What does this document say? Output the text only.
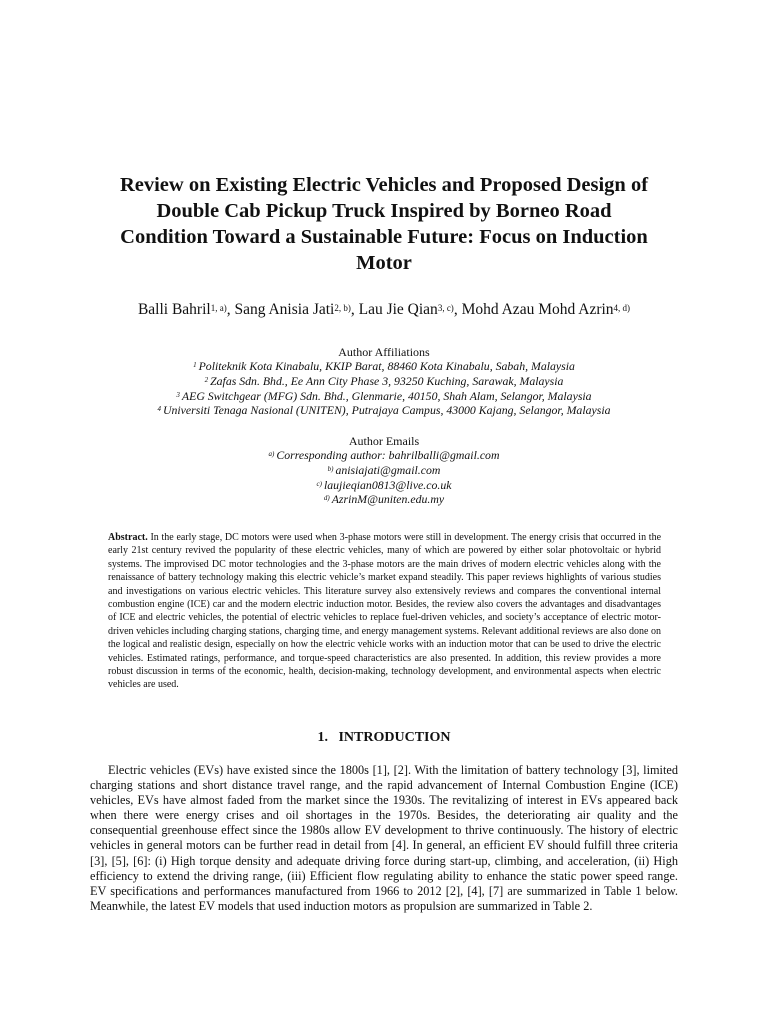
Review on Existing Electric Vehicles and Proposed Design of
Double Cab Pickup Truck Inspired by Borneo Road
Condition Toward a Sustainable Future: Focus on Induction
Motor
Balli Bahril$^{1, a)}$, Sang Anisia Jati$^{2, b)}$, Lau Jie Qian$^{3, c)}$, Mohd Azau Mohd Azrin$^{4, d)}$
Author Affiliations
$^1$ Politeknik Kota Kinabalu, KKIP Barat, 88460 Kota Kinabalu, Sabah, Malaysia
$^2$ Zafas Sdn. Bhd., Ee Ann City Phase 3, 93250 Kuching, Sarawak, Malaysia
$^3$ AEG Switchgear (MFG) Sdn. Bhd., Glenmarie, 40150, Shah Alam, Selangor, Malaysia
$^4$ Universiti Tenaga Nasional (UNITEN), Putrajaya Campus, 43000 Kajang, Selangor, Malaysia
Author Emails
$^{a)}$ Corresponding author: bahrilballi@gmail.com
$^{b)}$ anisiajati@gmail.com
$^{c)}$ laujieqian0813@live.co.uk
$^{d)}$ AzrinM@uniten.edu.my

Abstract. In the early stage, DC motors were used when 3-phase motors were still in development. The energy crisis that occurred in the early 21st century revived the popularity of these electric vehicles, many of which are powered by either solar photovoltaic or hybrid systems. The improvised DC motor technologies and the 3-phase motors are the main drives of modern electric vehicles along with the renaissance of battery technology making this electric vehicle’s market expand steadily. This paper reviews highlights of various studies and investigations on various electric vehicles. This literature survey also extensively reviews and compares the conventional internal combustion engine (ICE) car and the modern electric induction motor. Besides, the review also covers the advantages and disadvantages of ICE and electric vehicles, the potential of electric vehicles to replace fuel-driven vehicles, and society’s acceptance of electric motor-driven vehicles including charging stations, charging time, and energy management systems. Relevant additional reviews are also done on the logical and realistic design, especially on how the electric vehicle works with an induction motor that can be used to drive the electric vehicles. Estimated ratings, performance, and torque-speed characteristics are also presented. In addition, this review provides a more robust discussion in terms of the economic, health, decision-making, technology development, and environmental aspects when electric vehicles are used.

1.   INTRODUCTION

Electric vehicles (EVs) have existed since the 1800s [1], [2]. With the limitation of battery technology [3], limited charging stations and short distance travel range, and the rapid advancement of Internal Combustion Engine (ICE) vehicles, EVs have almost faded from the market since the 1930s. The revitalizing of interest in EVs appeared back when there were energy crises and oil shortages in the 1970s. Besides, the deteriorating air quality and the consequential greenhouse effect since the 1980s allow EV development to thrive continuously. The history of electric vehicles in general motors can be further read in detail from [4]. In general, an efficient EV should fulfill three criteria [3], [5], [6]: (i) High torque density and adequate driving force during start-up, climbing, and acceleration, (ii) High efficiency to extend the driving range, (iii) Efficient flow regulating ability to enhance the static power speed range. EV specifications and performances manufactured from 1966 to 2012 [2], [4], [7] are summarized in Table 1 below. Meanwhile, the latest EV models that used induction motors as propulsion are summarized in Table 2.
